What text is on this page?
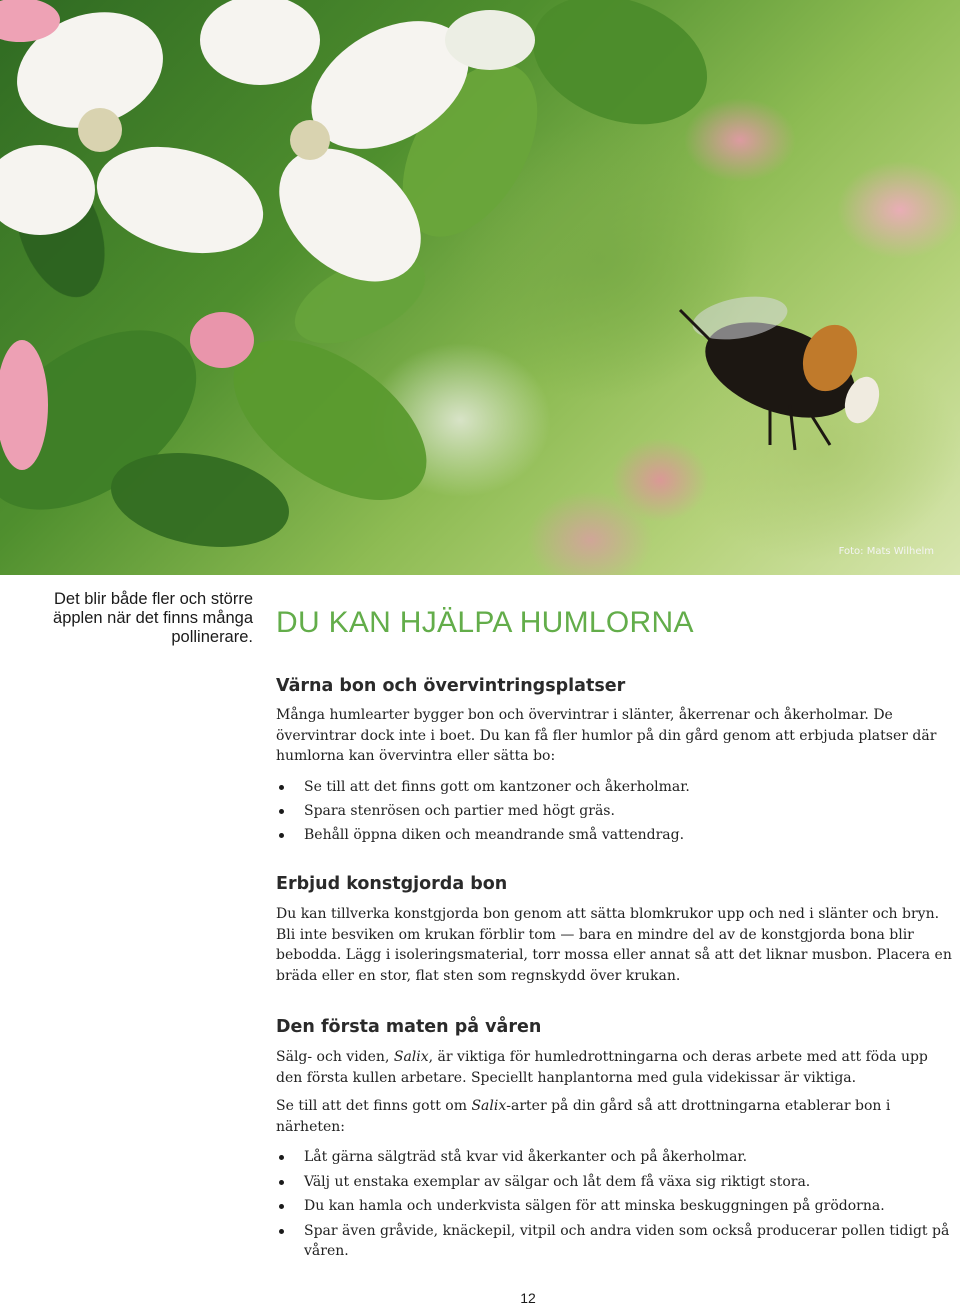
Foto: Mats Wilhelm
Det blir både fler och större äpplen när det finns många pollinerare. DU KAN HJÄLPA HUMLORNA
Värna bon och övervintringsplatser

Många humlearter bygger bon och övervintrar i slänter, åkerrenar och åkerholmar. De övervintrar dock inte i boet. Du kan få fler humlor på din gård genom att erbjuda platser där humlorna kan övervintra eller sätta bo:

Se till att det finns gott om kantzoner och åkerholmar.
Spara stenrösen och partier med högt gräs.
Behåll öppna diken och meandrande små vattendrag.
Erbjud konstgjorda bon

Du kan tillverka konstgjorda bon genom att sätta blomkrukor upp och ned i slänter och bryn. Bli inte besviken om krukan förblir tom — bara en mindre del av de konstgjorda bona blir bebodda. Lägg i isoleringsmaterial, torr mossa eller annat så att det liknar musbon. Placera en bräda eller en stor, flat sten som regnskydd över krukan.

Den första maten på våren

Sälg- och viden, Salix, är viktiga för humledrottningarna och deras arbete med att föda upp den första kullen arbetare. Speciellt hanplantorna med gula videkissar är viktiga.

Se till att det finns gott om Salix-arter på din gård så att drottningarna etablerar bon i närheten:

Låt gärna sälgträd stå kvar vid åkerkanter och på åkerholmar.
Välj ut enstaka exemplar av sälgar och låt dem få växa sig riktigt stora.
Du kan hamla och underkvista sälgen för att minska beskuggningen på grödorna.
Spar även gråvide, knäckepil, vitpil och andra viden som också producerar pollen tidigt på våren.
12
